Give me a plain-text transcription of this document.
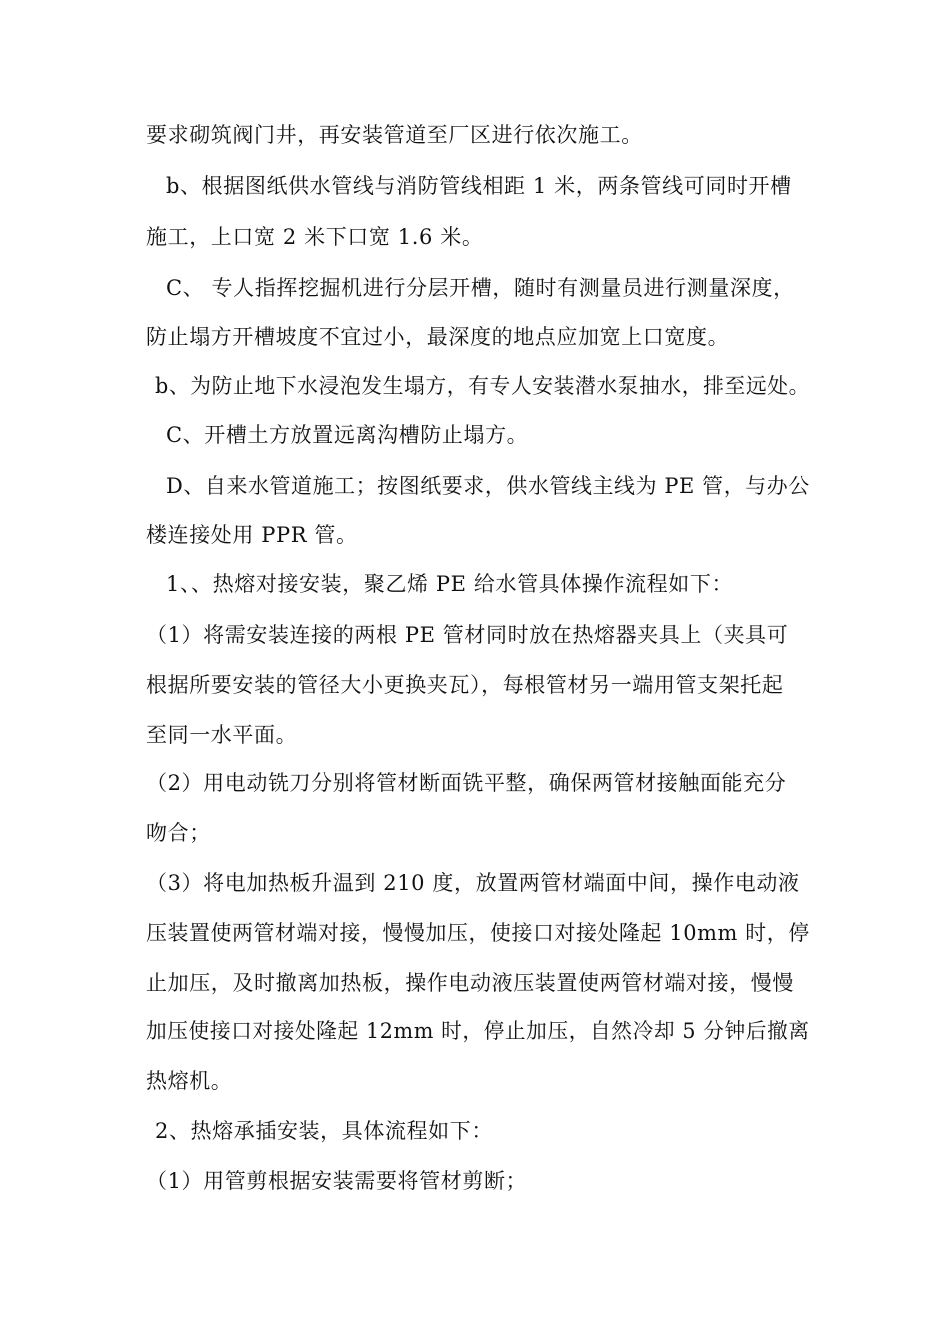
要求砌筑阀门井，再安装管道至厂区进行依次施工。
b、根据图纸供水管线与消防管线相距 1 米，两条管线可同时开槽
施工，上口宽 2 米下口宽 1.6 米。
C、 专人指挥挖掘机进行分层开槽，随时有测量员进行测量深度，
防止塌方开槽坡度不宜过小，最深度的地点应加宽上口宽度。
b、为防止地下水浸泡发生塌方，有专人安装潜水泵抽水，排至远处。
C、开槽土方放置远离沟槽防止塌方。
D、自来水管道施工；按图纸要求，供水管线主线为 PE 管，与办公
楼连接处用 PPR 管。
1、、热熔对接安装，聚乙烯 PE 给水管具体操作流程如下：
（1）将需安装连接的两根 PE 管材同时放在热熔器夹具上（夹具可
根据所要安装的管径大小更换夹瓦），每根管材另一端用管支架托起
至同一水平面。
（2）用电动铣刀分别将管材断面铣平整，确保两管材接触面能充分
吻合；
（3）将电加热板升温到 210 度，放置两管材端面中间，操作电动液
压装置使两管材端对接，慢慢加压，使接口对接处隆起 10mm 时，停
止加压，及时撤离加热板，操作电动液压装置使两管材端对接，慢慢
加压使接口对接处隆起 12mm 时，停止加压，自然冷却 5 分钟后撤离
热熔机。
2、热熔承插安装，具体流程如下：
（1）用管剪根据安装需要将管材剪断；
